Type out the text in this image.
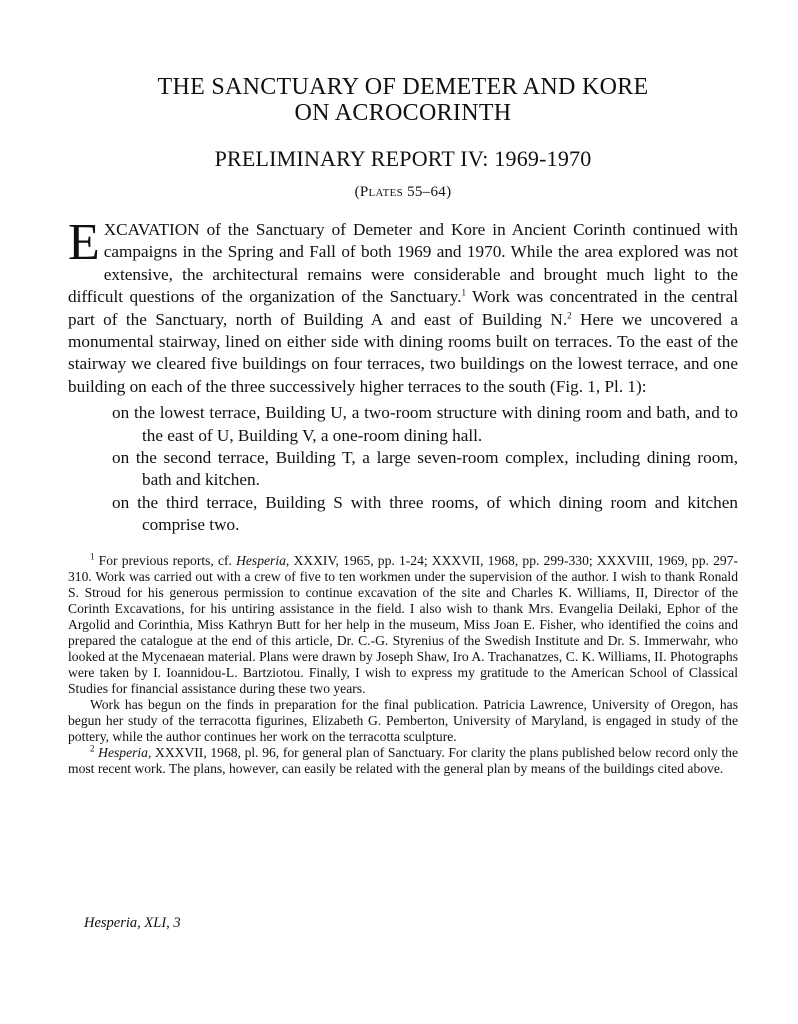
THE SANCTUARY OF DEMETER AND KORE
ON ACROCORINTH
PRELIMINARY REPORT IV: 1969-1970
(Plates 55–64)
EXCAVATION of the Sanctuary of Demeter and Kore in Ancient Corinth continued with campaigns in the Spring and Fall of both 1969 and 1970. While the area explored was not extensive, the architectural remains were considerable and brought much light to the difficult questions of the organization of the Sanctuary.$^1$ Work was concentrated in the central part of the Sanctuary, north of Building A and east of Building N.$^2$ Here we uncovered a monumental stairway, lined on either side with dining rooms built on terraces. To the east of the stairway we cleared five buildings on four terraces, two buildings on the lowest terrace, and one building on each of the three successively higher terraces to the south (Fig. 1, Pl. 1):
on the lowest terrace, Building U, a two-room structure with dining room and bath, and to the east of U, Building V, a one-room dining hall.
on the second terrace, Building T, a large seven-room complex, including dining room, bath and kitchen.
on the third terrace, Building S with three rooms, of which dining room and kitchen comprise two.

$^1$ For previous reports, cf. Hesperia, XXXIV, 1965, pp. 1-24; XXXVII, 1968, pp. 299-330; XXXVIII, 1969, pp. 297-310. Work was carried out with a crew of five to ten workmen under the supervision of the author. I wish to thank Ronald S. Stroud for his generous permission to continue excavation of the site and Charles K. Williams, II, Director of the Corinth Excavations, for his untiring assistance in the field. I also wish to thank Mrs. Evangelia Deilaki, Ephor of the Argolid and Corinthia, Miss Kathryn Butt for her help in the museum, Miss Joan E. Fisher, who identified the coins and prepared the catalogue at the end of this article, Dr. C.-G. Styrenius of the Swedish Institute and Dr. S. Immerwahr, who looked at the Mycenaean material. Plans were drawn by Joseph Shaw, Iro A. Trachanatzes, C. K. Williams, II. Photographs were taken by I. Ioannidou-L. Bartziotou. Finally, I wish to express my gratitude to the American School of Classical Studies for financial assistance during these two years.

Work has begun on the finds in preparation for the final publication. Patricia Lawrence, University of Oregon, has begun her study of the terracotta figurines, Elizabeth G. Pemberton, University of Maryland, is engaged in study of the pottery, while the author continues her work on the terracotta sculpture.

$^2$ Hesperia, XXXVII, 1968, pl. 96, for general plan of Sanctuary. For clarity the plans published below record only the most recent work. The plans, however, can easily be related with the general plan by means of the buildings cited above.

Hesperia, XLI, 3
